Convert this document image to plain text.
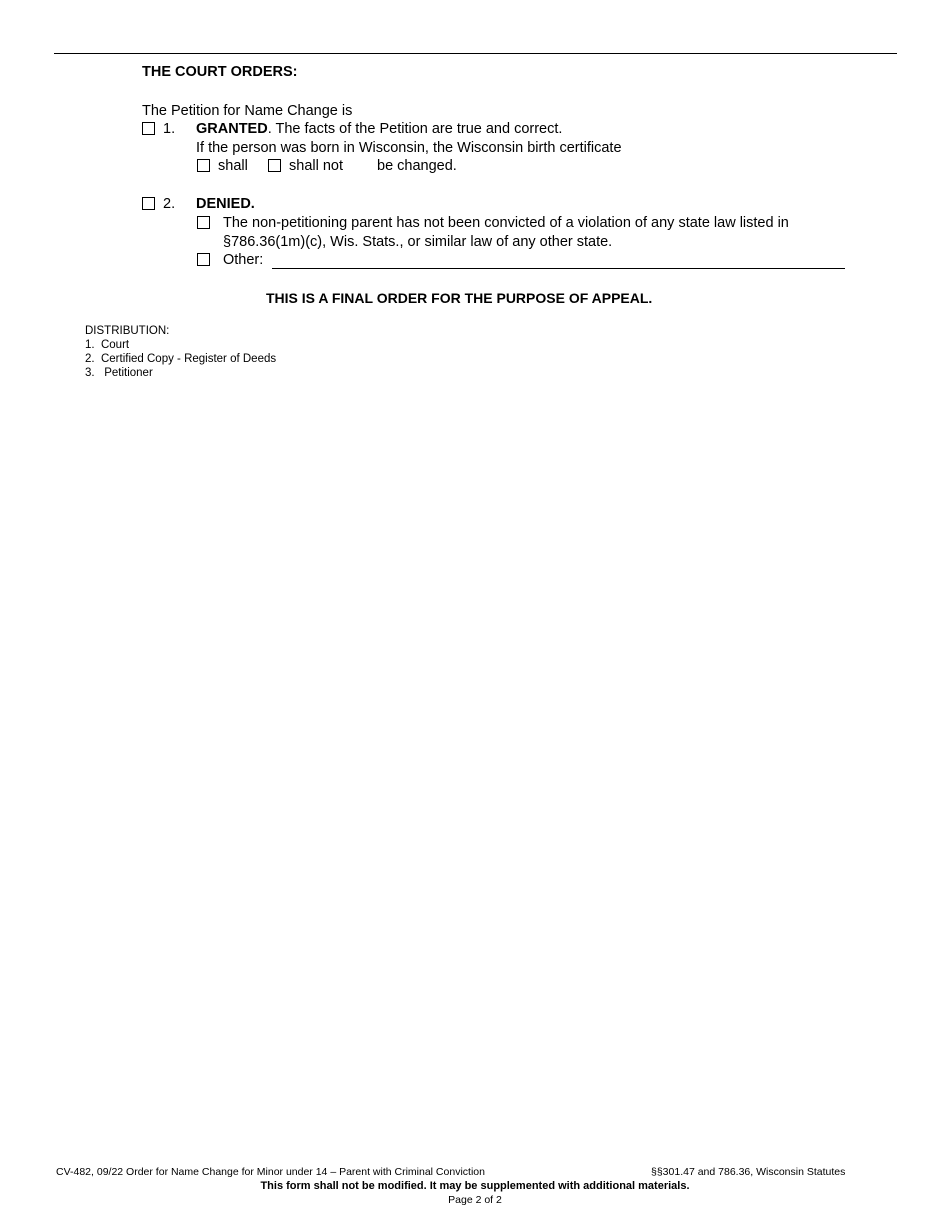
THE COURT ORDERS:
The Petition for Name Change is
1. GRANTED. The facts of the Petition are true and correct.
If the person was born in Wisconsin, the Wisconsin birth certificate
shall	shall not be changed.
2. DENIED.
The non-petitioning parent has not been convicted of a violation of any state law listed in
§786.36(1m)(c), Wis. Stats., or similar law of any other state.
Other:
THIS IS A FINAL ORDER FOR THE PURPOSE OF APPEAL.
DISTRIBUTION:
1. Court
2. Certified Copy - Register of Deeds
3. Petitioner
CV-482, 09/22 Order for Name Change for Minor under 14 – Parent with Criminal Conviction	§§301.47 and 786.36, Wisconsin Statutes
This form shall not be modified. It may be supplemented with additional materials.
Page 2 of 2
